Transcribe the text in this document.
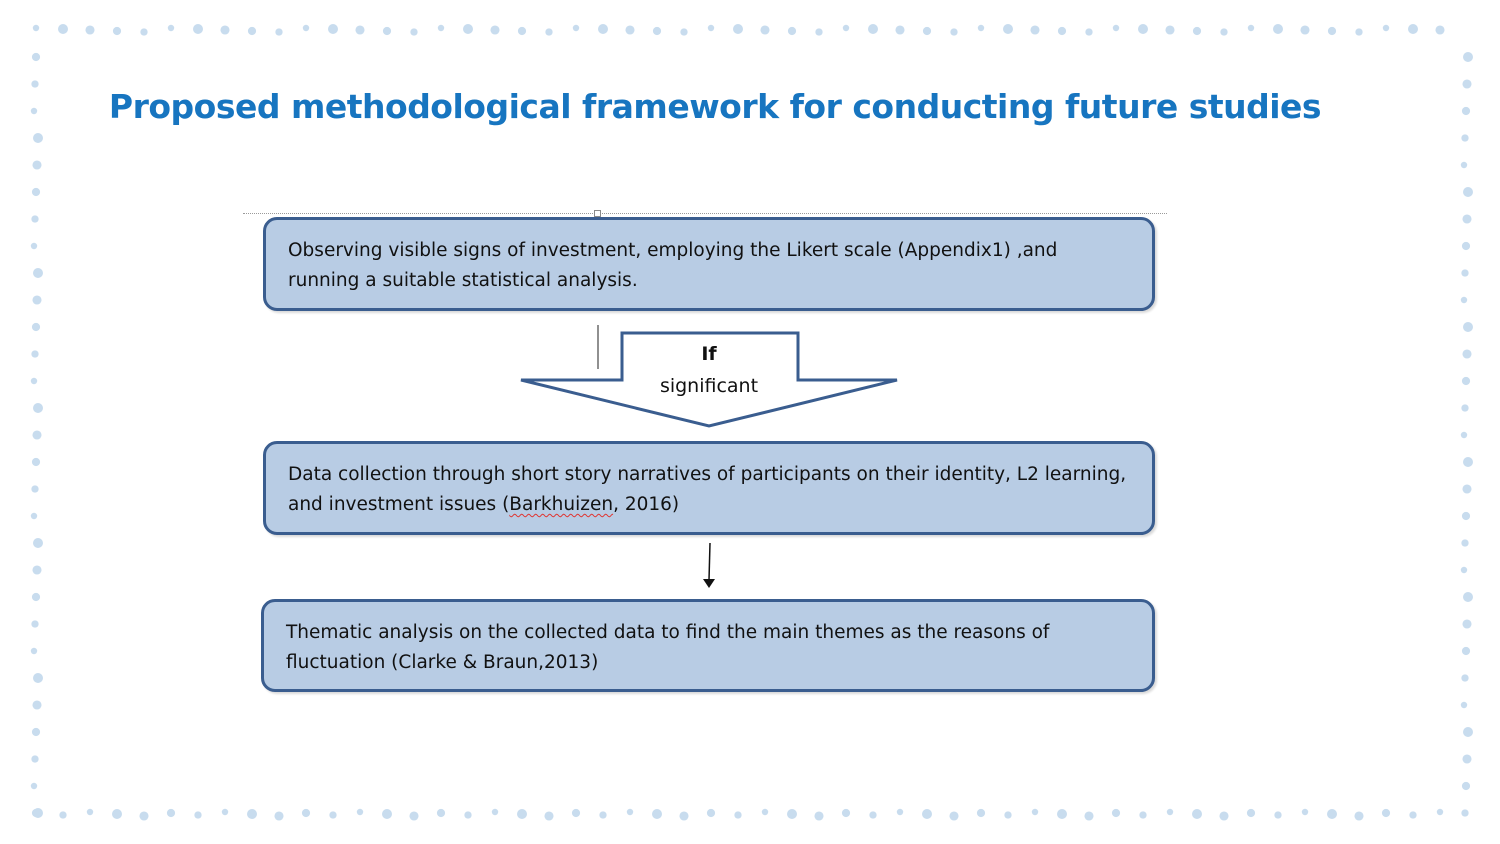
Proposed methodological framework for conducting future studies
Observing visible signs of investment, employing the Likert scale (Appendix1) ,and running a suitable statistical analysis.
If
significant
Data collection through short story narratives of participants on their identity, L2 learning, and investment issues (Barkhuizen, 2016)
Thematic analysis on the collected data to find the main themes as the reasons of fluctuation (Clarke & Braun,2013)
